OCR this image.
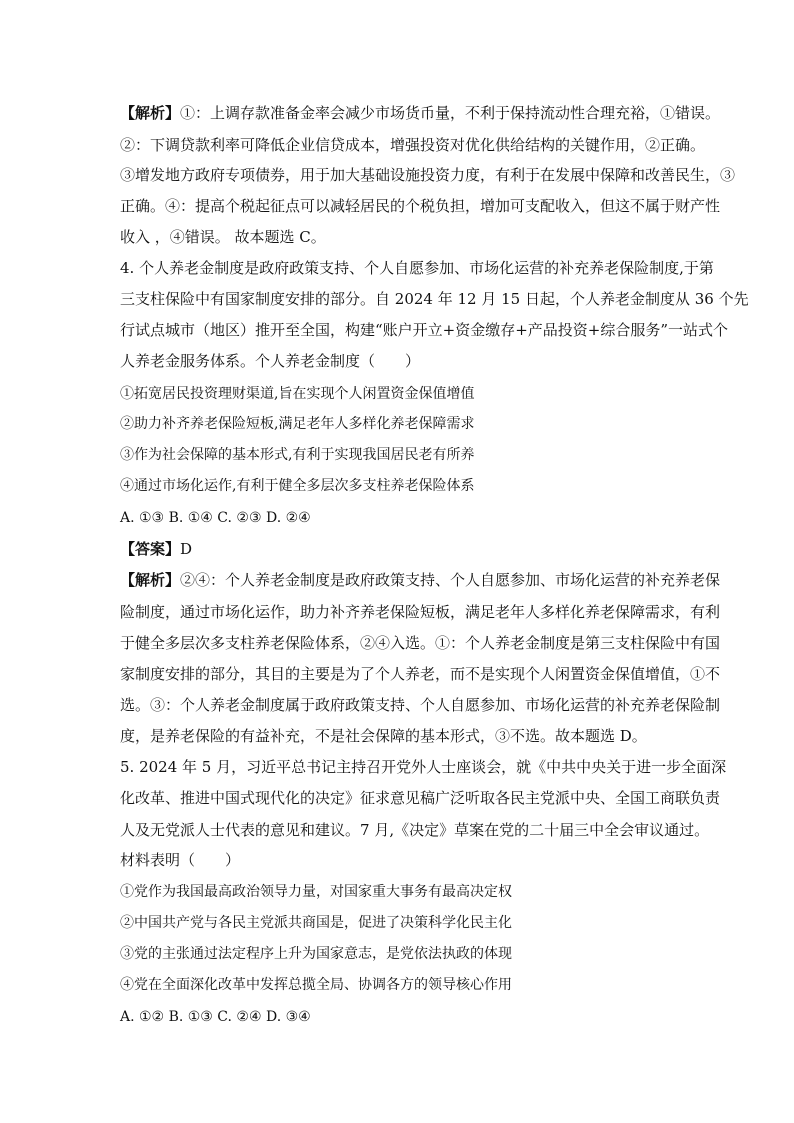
【解析】①：上调存款准备金率会减少市场货币量，不利于保持流动性合理充裕，①错误。
②：下调贷款利率可降低企业信贷成本，增强投资对优化供给结构的关键作用，②正确。
③增发地方政府专项债券，用于加大基础设施投资力度，有利于在发展中保障和改善民生，③
正确。④：提高个税起征点可以减轻居民的个税负担，增加可支配收入，但这不属于财产性
收入 ，④错误。 故本题选 C。
4. 个人养老金制度是政府政策支持、个人自愿参加、市场化运营的补充养老保险制度,于第
三支柱保险中有国家制度安排的部分。自 2024 年 12 月 15 日起，个人养老金制度从 36 个先
行试点城市（地区）推开至全国，构建“账户开立+资金缴存+产品投资+综合服务”一站式个
人养老金服务体系。个人养老金制度（　　）
①拓宽居民投资理财渠道,旨在实现个人闲置资金保值增值
②助力补齐养老保险短板,满足老年人多样化养老保障需求
③作为社会保障的基本形式,有利于实现我国居民老有所养
④通过市场化运作,有利于健全多层次多支柱养老保险体系
A. ①③ B. ①④ C. ②③ D. ②④
【答案】D
【解析】②④：个人养老金制度是政府政策支持、个人自愿参加、市场化运营的补充养老保
险制度，通过市场化运作，助力补齐养老保险短板，满足老年人多样化养老保障需求，有利
于健全多层次多支柱养老保险体系，②④入选。①：个人养老金制度是第三支柱保险中有国
家制度安排的部分，其目的主要是为了个人养老，而不是实现个人闲置资金保值增值，①不
选。③：个人养老金制度属于政府政策支持、个人自愿参加、市场化运营的补充养老保险制
度，是养老保险的有益补充，不是社会保障的基本形式，③不选。故本题选 D。
5. 2024 年 5 月，习近平总书记主持召开党外人士座谈会，就《中共中央关于进一步全面深
化改革、推进中国式现代化的决定》征求意见稿广泛听取各民主党派中央、全国工商联负责
人及无党派人士代表的意见和建议。7 月,《决定》草案在党的二十届三中全会审议通过。
材料表明（　　）
①党作为我国最高政治领导力量，对国家重大事务有最高决定权
②中国共产党与各民主党派共商国是，促进了决策科学化民主化
③党的主张通过法定程序上升为国家意志，是党依法执政的体现
④党在全面深化改革中发挥总揽全局、协调各方的领导核心作用
A. ①② B. ①③ C. ②④ D. ③④
